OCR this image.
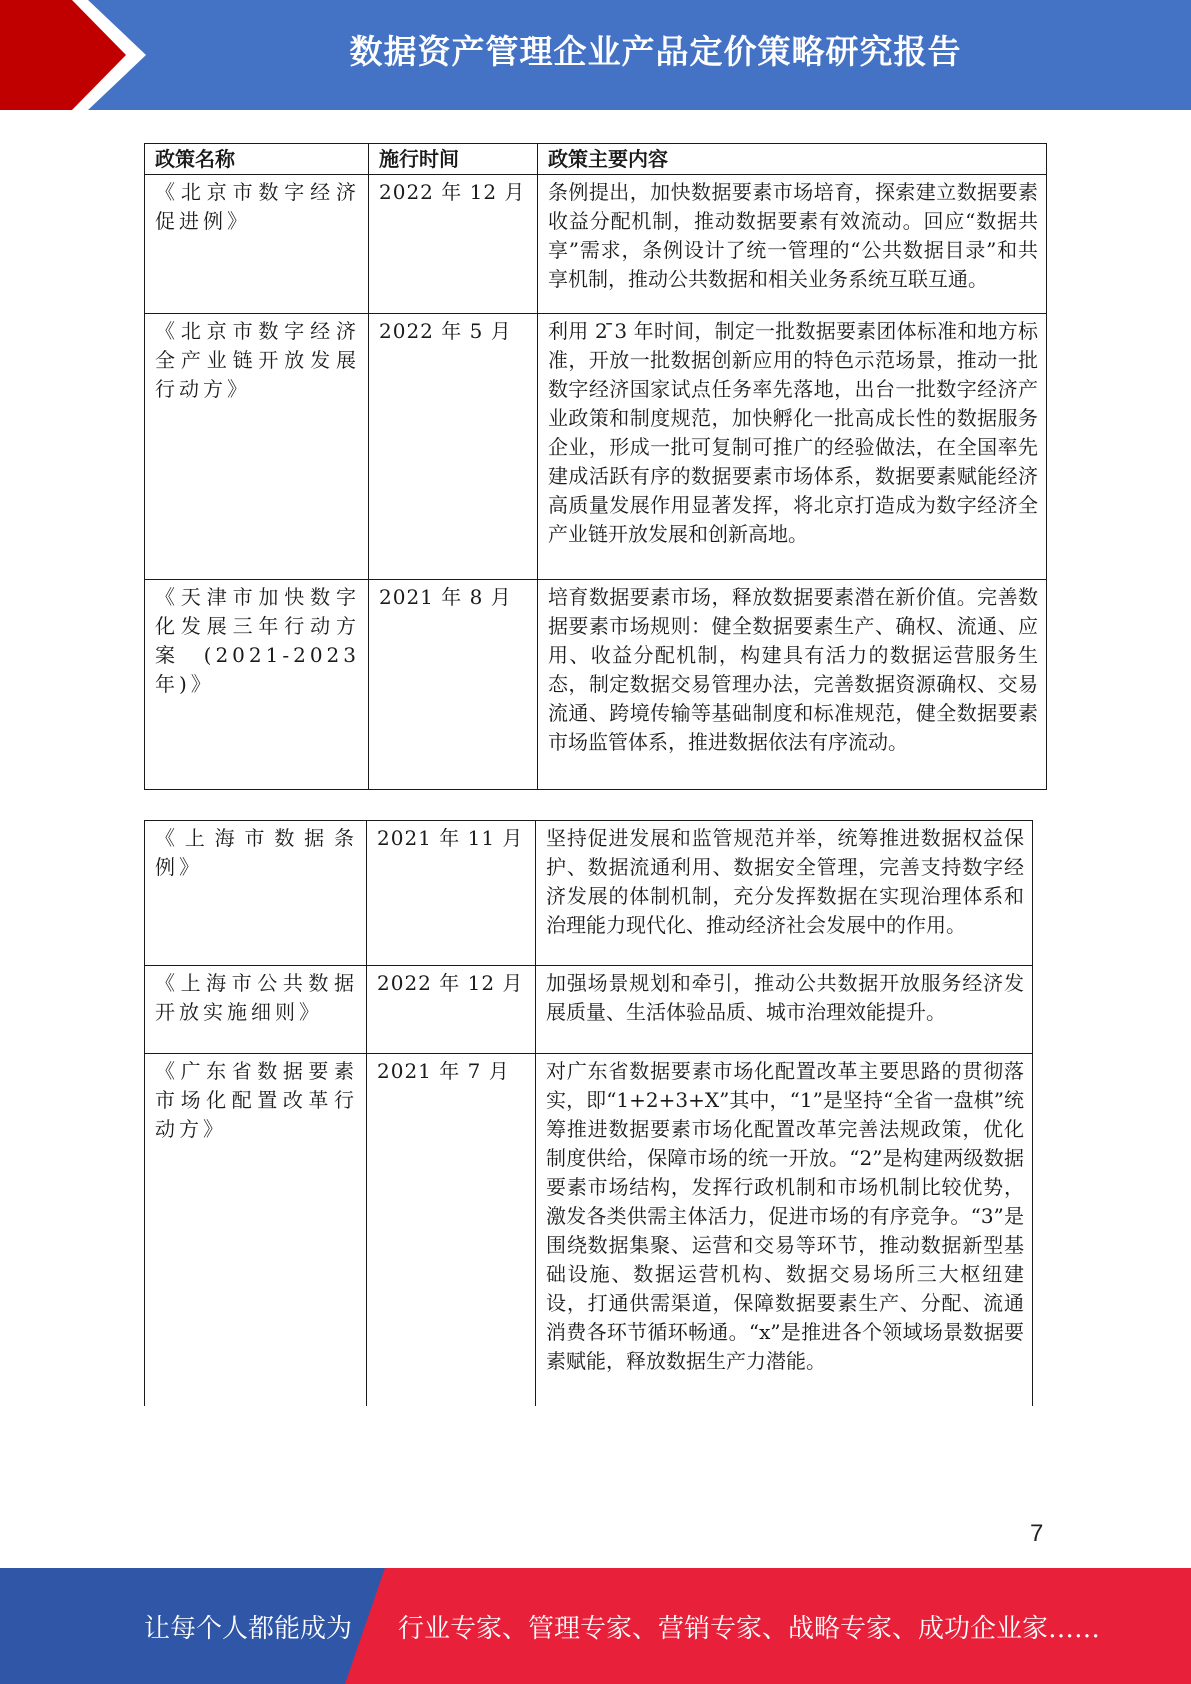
数据资产管理企业产品定价策略研究报告
政策名称	施行时间	政策主要内容
《北京市数字经济促进例》	2022 年 12 月	条例提出，加快数据要素市场培育，探索建立数据要素收益分配机制，推动数据要素有效流动。回应“数据共享”需求，条例设计了统一管理的“公共数据目录”和共享机制，推动公共数据和相关业务系统互联互通。
《北京市数字经济全产业链开放发展行动方》	2022 年 5 月	利用 2 ̄3 年时间，制定一批数据要素团体标准和地方标准，开放一批数据创新应用的特色示范场景，推动一批数字经济国家试点任务率先落地，出台一批数字经济产业政策和制度规范，加快孵化一批高成长性的数据服务企业，形成一批可复制可推广的经验做法，在全国率先建成活跃有序的数据要素市场体系，数据要素赋能经济高质量发展作用显著发挥，将北京打造成为数字经济全产业链开放发展和创新高地。
《天津市加快数字化发展三年行动方案(2021-2023 年)》	2021 年 8 月	培育数据要素市场，释放数据要素潜在新价值。完善数据要素市场规则：健全数据要素生产、确权、流通、应用、收益分配机制，构建具有活力的数据运营服务生态，制定数据交易管理办法，完善数据资源确权、交易流通、跨境传输等基础制度和标准规范，健全数据要素市场监管体系，推进数据依法有序流动。
《上海市数据条例》	2021 年 11 月	坚持促进发展和监管规范并举，统筹推进数据权益保护、数据流通利用、数据安全管理，完善支持数字经济发展的体制机制，充分发挥数据在实现治理体系和治理能力现代化、推动经济社会发展中的作用。
《上海市公共数据开放实施细则》	2022 年 12 月	加强场景规划和牵引，推动公共数据开放服务经济发展质量、生活体验品质、城市治理效能提升。
《广东省数据要素市场化配置改革行动方》	2021 年 7 月	对广东省数据要素市场化配置改革主要思路的贯彻落实，即“1+2+3+X”其中，“1”是坚持“全省一盘棋”统筹推进数据要素市场化配置改革完善法规政策，优化制度供给，保障市场的统一开放。“2”是构建两级数据要素市场结构，发挥行政机制和市场机制比较优势，激发各类供需主体活力，促进市场的有序竞争。“3”是围绕数据集聚、运营和交易等环节，推动数据新型基础设施、数据运营机构、数据交易场所三大枢纽建设，打通供需渠道，保障数据要素生产、分配、流通消费各环节循环畅通。“x”是推进各个领域场景数据要素赋能，释放数据生产力潜能。
7
让每个人都能成为 行业专家、管理专家、营销专家、战略专家、成功企业家……
